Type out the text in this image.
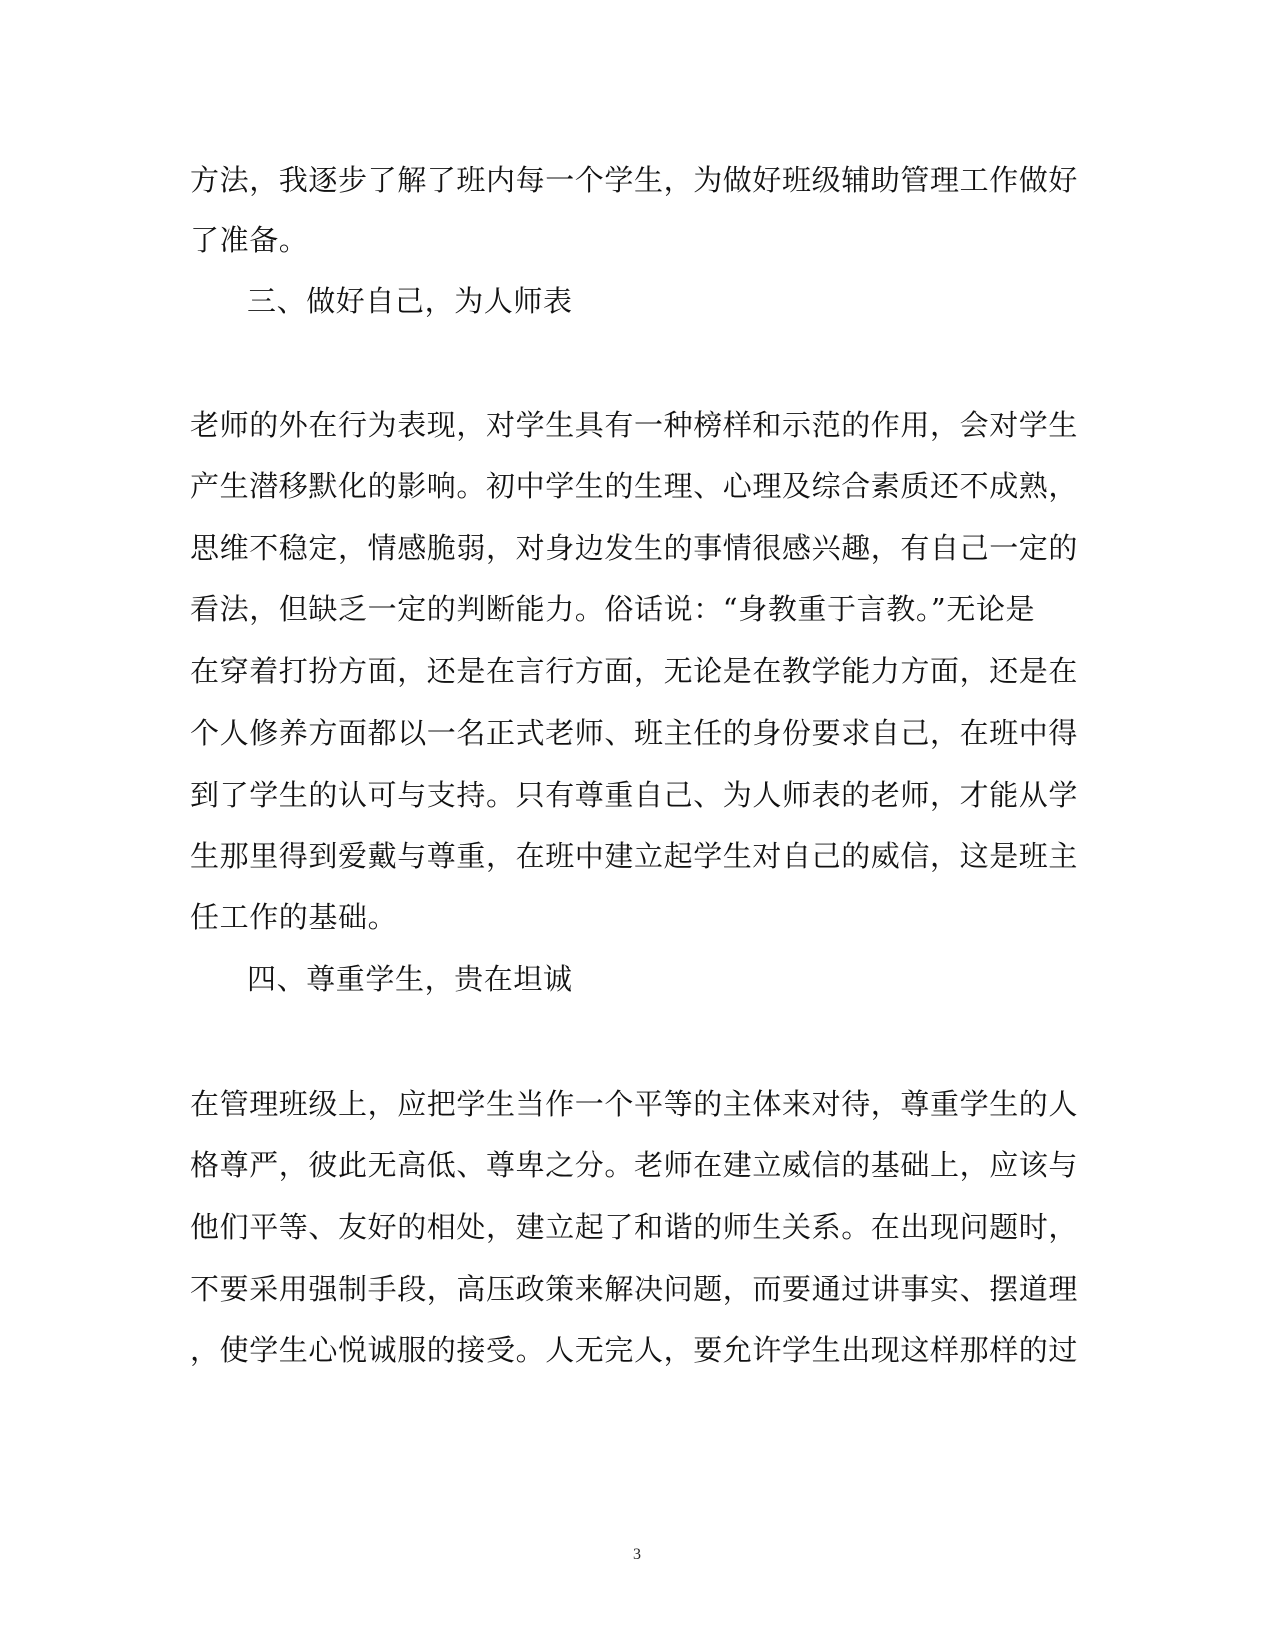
方法，我逐步了解了班内每一个学生，为做好班级辅助管理工作做好
了准备。
三、做好自己，为人师表
老师的外在行为表现，对学生具有一种榜样和示范的作用，会对学生
产生潜移默化的影响。初中学生的生理、心理及综合素质还不成熟，
思维不稳定，情感脆弱，对身边发生的事情很感兴趣，有自己一定的
看法，但缺乏一定的判断能力。俗话说：“身教重于言教。”无论是
在穿着打扮方面，还是在言行方面，无论是在教学能力方面，还是在
个人修养方面都以一名正式老师、班主任的身份要求自己，在班中得
到了学生的认可与支持。只有尊重自己、为人师表的老师，才能从学
生那里得到爱戴与尊重，在班中建立起学生对自己的威信，这是班主
任工作的基础。
四、尊重学生，贵在坦诚
在管理班级上，应把学生当作一个平等的主体来对待，尊重学生的人
格尊严，彼此无高低、尊卑之分。老师在建立威信的基础上，应该与
他们平等、友好的相处，建立起了和谐的师生关系。在出现问题时，
不要采用强制手段，高压政策来解决问题，而要通过讲事实、摆道理
，使学生心悦诚服的接受。人无完人，要允许学生出现这样那样的过
3
